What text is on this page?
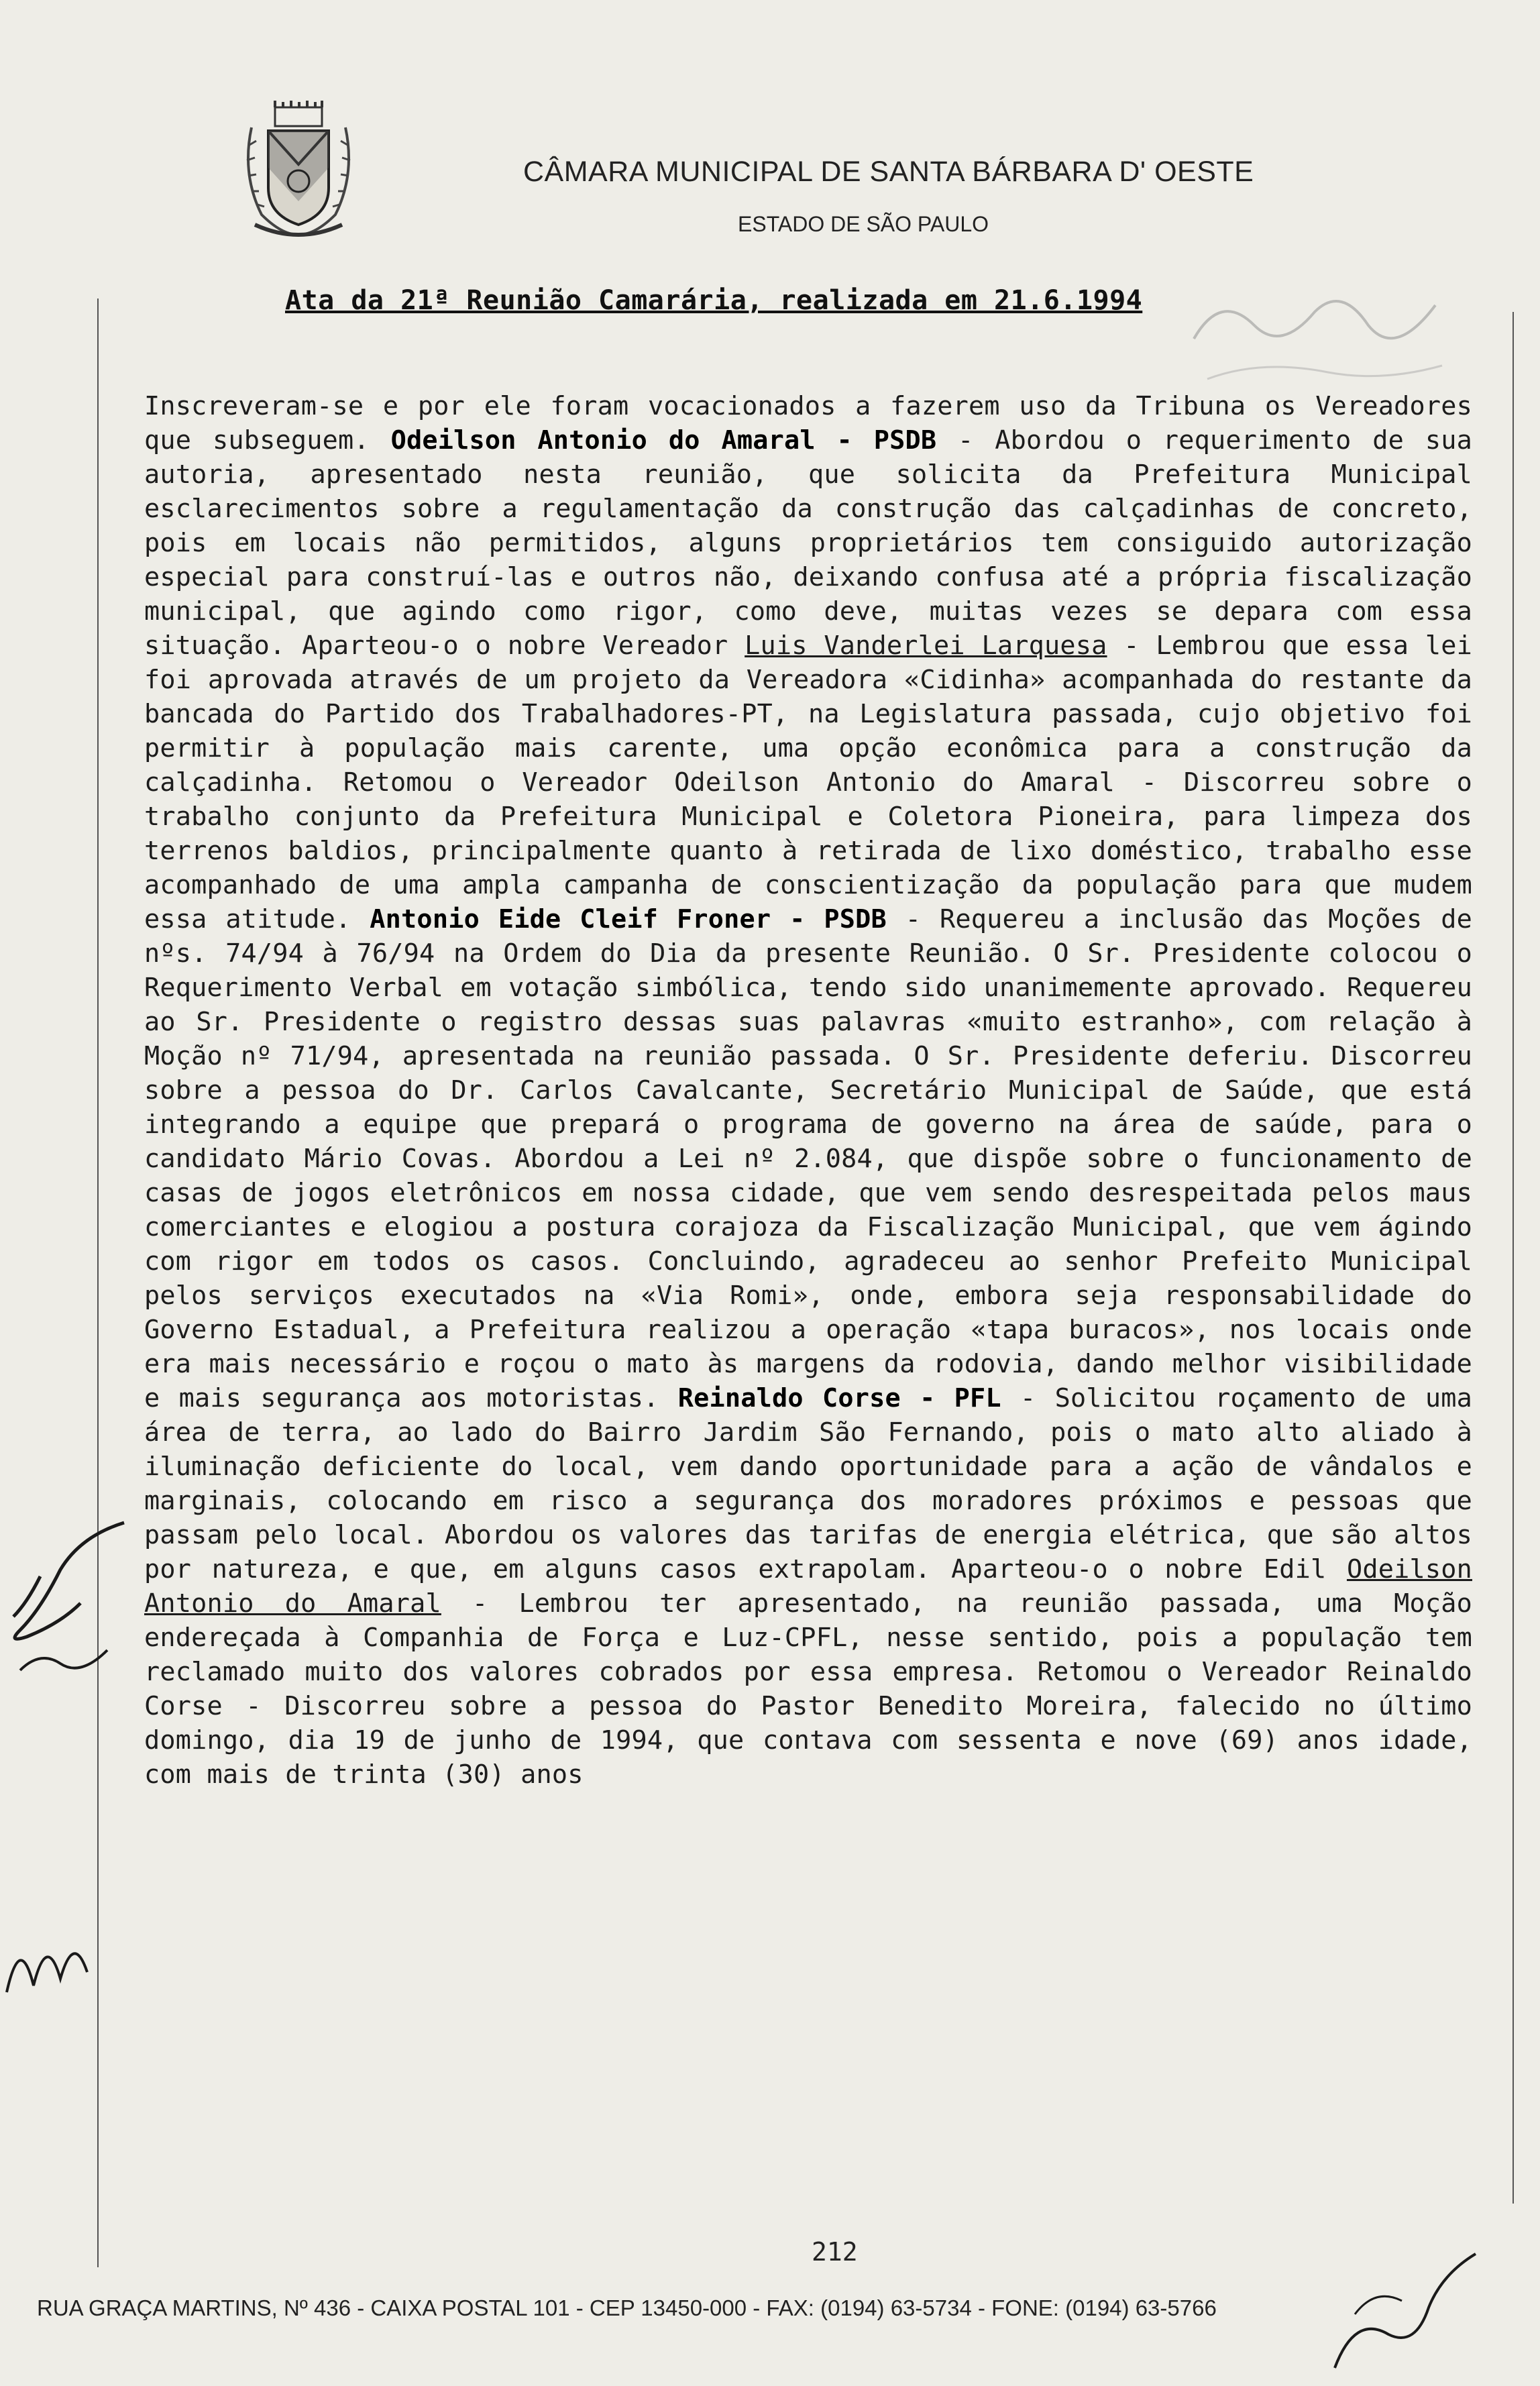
CÂMARA MUNICIPAL DE SANTA BÁRBARA D' OESTE
ESTADO DE SÃO PAULO
Ata da 21ª Reunião Camarária, realizada em 21.6.1994
Inscreveram-se e por ele foram vocacionados a fazerem uso da Tribuna os Vereadores que subseguem. Odeilson Antonio do Amaral - PSDB - Abordou o requerimento de sua autoria, apresentado nesta reunião, que solicita da Prefeitura Municipal esclarecimentos sobre a regulamentação da construção das calçadinhas de concreto, pois em locais não permitidos, alguns proprietários tem consiguido autorização especial para construí-las e outros não, deixando confusa até a própria fiscalização municipal, que agindo como rigor, como deve, muitas vezes se depara com essa situação. Aparteou-o o nobre Vereador Luis Vanderlei Larquesa - Lembrou que essa lei foi aprovada através de um projeto da Vereadora «Cidinha» acompanhada do restante da bancada do Partido dos Trabalhadores-PT, na Legislatura passada, cujo objetivo foi permitir à população mais carente, uma opção econômica para a construção da calçadinha. Retomou o Vereador Odeilson Antonio do Amaral - Discorreu sobre o trabalho conjunto da Prefeitura Municipal e Coletora Pioneira, para limpeza dos terrenos baldios, principalmente quanto à retirada de lixo doméstico, trabalho esse acompanhado de uma ampla campanha de conscientização da população para que mudem essa atitude. Antonio Eide Cleif Froner - PSDB - Requereu a inclusão das Moções de nºs. 74/94 à 76/94 na Ordem do Dia da presente Reunião. O Sr. Presidente colocou o Requerimento Verbal em votação simbólica, tendo sido unanimemente aprovado. Requereu ao Sr. Presidente o registro dessas suas palavras «muito estranho», com relação à Moção nº 71/94, apresentada na reunião passada. O Sr. Presidente deferiu. Discorreu sobre a pessoa do Dr. Carlos Cavalcante, Secretário Municipal de Saúde, que está integrando a equipe que prepará o programa de governo na área de saúde, para o candidato Mário Covas. Abordou a Lei nº 2.084, que dispõe sobre o funcionamento de casas de jogos eletrônicos em nossa cidade, que vem sendo desrespeitada pelos maus comerciantes e elogiou a postura corajoza da Fiscalização Municipal, que vem ágindo com rigor em todos os casos. Concluindo, agradeceu ao senhor Prefeito Municipal pelos serviços executados na «Via Romi», onde, embora seja responsabilidade do Governo Estadual, a Prefeitura realizou a operação «tapa buracos», nos locais onde era mais necessário e roçou o mato às margens da rodovia, dando melhor visibilidade e mais segurança aos motoristas. Reinaldo Corse - PFL - Solicitou roçamento de uma área de terra, ao lado do Bairro Jardim São Fernando, pois o mato alto aliado à iluminação deficiente do local, vem dando oportunidade para a ação de vândalos e marginais, colocando em risco a segurança dos moradores próximos e pessoas que passam pelo local. Abordou os valores das tarifas de energia elétrica, que são altos por natureza, e que, em alguns casos extrapolam. Aparteou-o o nobre Edil Odeilson Antonio do Amaral - Lembrou ter apresentado, na reunião passada, uma Moção endereçada à Companhia de Força e Luz-CPFL, nesse sentido, pois a população tem reclamado muito dos valores cobrados por essa empresa. Retomou o Vereador Reinaldo Corse - Discorreu sobre a pessoa do Pastor Benedito Moreira, falecido no último domingo, dia 19 de junho de 1994, que contava com sessenta e nove (69) anos idade, com mais de trinta (30) anos
212
RUA GRAÇA MARTINS, Nº 436 - CAIXA POSTAL 101 - CEP 13450-000 - FAX: (0194) 63-5734 - FONE: (0194) 63-5766
